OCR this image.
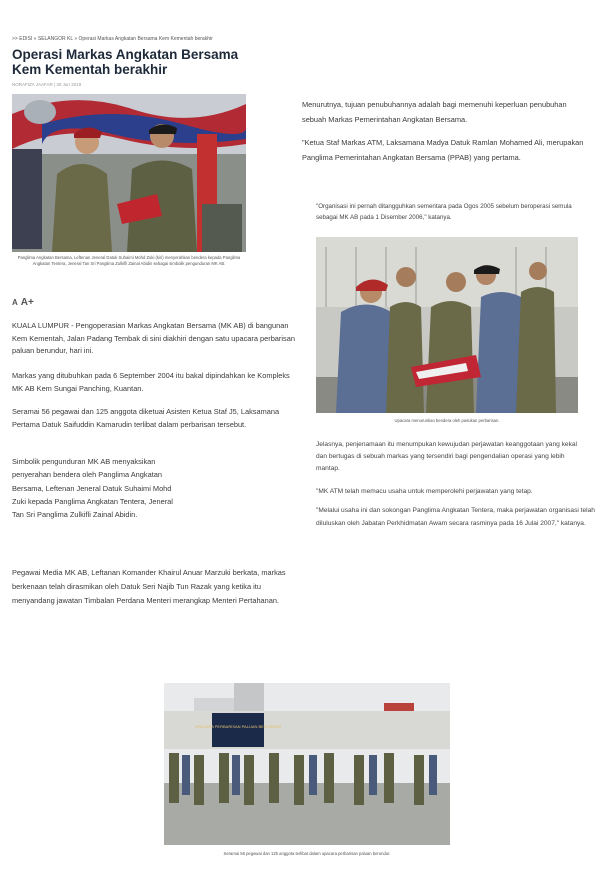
>> EDISI » SELANGOR KL » Operasi Markas Angkatan Bersama Kem Kementah berakhir
Operasi Markas Angkatan Bersama Kem Kementah berakhir
NORAFIZA JAAFAR | 30 Jun 2019
Panglima Angkatan Bersama, Leftenan Jeneral Datuk Suhaimi Mohd Zuki (kiri) menyerahkan bendera kepada Panglima Angkatan Tentera, Jeneral Tan Sri Panglima Zulkifli Zainal Abidin sebagai simbolik pengunduran MK AB.
A A+
KUALA LUMPUR - Pengoperasian Markas Angkatan Bersama (MK AB) di bangunan Kem Kementah, Jalan Padang Tembak di sini diakhiri dengan satu upacara perbarisan paluan berundur, hari ini.
Markas yang ditubuhkan pada 6 September 2004 itu bakal dipindahkan ke Kompleks MK AB Kem Sungai Panching, Kuantan.
Seramai 56 pegawai dan 125 anggota diketuai Asisten Ketua Staf J5, Laksamana Pertama Datuk Saifuddin Kamarudin terlibat dalam perbarisan tersebut.
Simbolik pengunduran MK AB menyaksikan penyerahan bendera oleh Panglima Angkatan Bersama, Leftenan Jeneral Datuk Suhaimi Mohd Zuki kepada Panglima Angkatan Tentera, Jeneral Tan Sri Panglima Zulkifli Zainal Abidin.
Pegawai Media MK AB, Leftanan Komander Khairul Anuar Marzuki berkata, markas berkenaan telah dirasmikan oleh Datuk Seri Najib Tun Razak yang ketika itu menyandang jawatan Timbalan Perdana Menteri merangkap Menteri Pertahanan.
Menurutnya, tujuan penubuhannya adalah bagi memenuhi keperluan penubuhan sebuah Markas Pemerintahan Angkatan Bersama.
"Ketua Staf Markas ATM, Laksamana Madya Datuk Ramlan Mohamed Ali, merupakan Panglima Pemerintahan Angkatan Bersama (PPAB) yang pertama.
"Organisasi ini pernah ditangguhkan sementara pada Ogos 2005 sebelum beroperasi semula sebagai MK AB pada 1 Disember 2006," katanya.
Upacara menurunkan bendera oleh pasukan perbarisan.
Jelasnya, penjenamaan itu menumpukan kewujudan perjawatan keanggotaan yang kekal dan bertugas di sebuah markas yang tersendiri bagi pengendalian operasi yang lebih mantap.
"MK ATM telah memacu usaha untuk memperolehi perjawatan yang tetap.
"Melalui usaha ini dan sokongan Panglima Angkatan Tentera, maka perjawatan organisasi telah diluluskan oleh Jabatan Perkhidmatan Awam secara rasminya pada 16 Julai 2007," katanya.
UPACARA PERBARISAN PALUAN BERUNDUR
Seramai 56 pegawai dan 125 anggota terlibat dalam upacara perbarisan paluan berundur.
